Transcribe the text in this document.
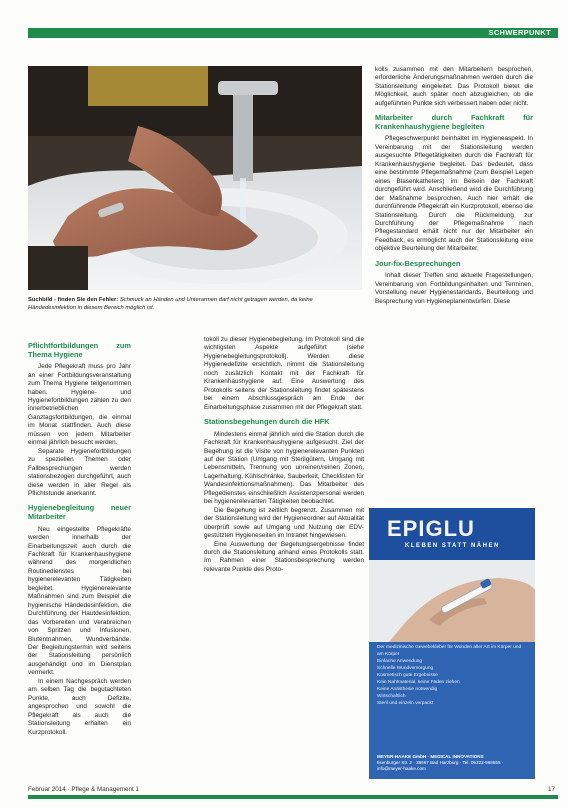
SCHWERPUNKT
Suchbild - finden Sie den Fehler: Schmuck an Händen und Unterarmen darf nicht getragen werden, da keine Händedesinfektion in diesem Bereich möglich ist.
Pflichtfortbildungen zum Thema Hygiene

Jede Pflegekraft muss pro Jahr an einer Fortbildungsveranstaltung zum Thema Hygiene teilgenommen haben. Hygiene- und Hygienefortbildungen zählen zu den innerbetrieblichen Ganztagsfortbildungen, die einmal im Monat stattfinden. Auch diese müssen von jedem Mitarbeiter einmal jährlich besucht werden.

Separate Hygienefortbildungen zu speziellen Themen oder Fallbesprechungen werden stationsbezogen durchgeführt, auch diese werden in aller Regel als Pflichtstunde anerkannt.

Hygienebegleitung neuer Mitarbeiter

Neu eingestellte Pflegekräfte werden innerhalb der Einarbeitungszeit auch durch die Fachkraft für Krankenhaushygiene während des morgendlichen Routinedienstes bei hygienerelevanten Tätigkeiten begleitet. Hygienerelevante Maßnahmen sind zum Beispiel die hygienische Händedesinfektion, die Durchführung der Hautdesinfektion, das Vorbereiten und Verabreichen von Spritzen und Infusionen, Blutentnahmen, Wundverbände. Der Begleitungstermin wird seitens der Stationsleitung persönlich ausgehändigt und im Dienstplan vermerkt.

In einem Nachgespräch werden am selben Tag die begutachteten Punkte, auch Defizite, angesprochen und sowohl die Pflegekraft als auch die Stationsleitung erhalten ein Kurzprotokoll.

tokoll zu dieser Hygienebegleitung. Im Protokoll sind die wichtigsten Aspekte aufgeführt (siehe Hygienebegleitungsprotokoll). Werden diese Hygienedefizite ersichtlich, nimmt die Stationsleitung noch zusätzlich Kontakt mit der Fachkraft für Krankenhaushygiene auf. Eine Auswertung des Protokolls seitens der Stationsleitung findet spätestens bei einem Abschlussgespräch am Ende der Einarbeitungsphase zusammen mit der Pflegekraft statt.

Stationsbegehungen durch die HFK

Mindestens einmal jährlich wird die Station durch die Fachkraft für Krankenhaushygiene aufgesucht. Ziel der Begehung ist die Visite von hygienerelevanten Punkten auf der Station (Umgang mit Sterilgütern, Umgang mit Lebensmitteln, Trennung von unreinen/reinen Zonen, Lagerhaltung, Kühlschränke, Sauberkeit, Checklisten für Wandesinfektionsmaßnahmen). Das Mitarbeiter des Pflegedienstes einschließlich Assistenzpersonal werden bei hygienerelevanten Tätigkeiten beobachtet.

Die Begehung ist zeitlich begrenzt. Zusammen mit der Stationsleitung wird der Hygieneordner auf Aktualität überprüft sowie auf Umgang und Nutzung der EDV-gestützten Hygieneseiten im Intranet hingewiesen.

Eine Auswertung der Begehungsergebnisse findet durch die Stationsleitung anhand eines Protokolls statt. Im Rahmen einer Stationsbesprechung werden relevante Punkte des Proto-

kolls zusammen mit den Mitarbeitern besprochen, erforderliche Änderungsmaßnahmen werden durch die Stationsleitung eingeleitet. Das Protokoll bietet die Möglichkeit, auch später noch abzugleichen, ob die aufgeführten Punkte sich verbessert haben oder nicht.

Mitarbeiter durch Fachkraft für Krankenhaushygiene begleiten

Pflegeschwerpunkt beinhaltet im Hygieneaspekt. In Vereinbarung mit der Stationsleitung werden ausgesuchte Pflegetätigkeiten durch die Fachkraft für Krankenhaushygiene begleitet. Das bedeutet, dass eine bestimmte Pflegemaßnahme (zum Beispiel Legen eines Blasenkatheters) im Beisein der Fachkraft durchgeführt wird. Anschließend wird die Durchführung der Maßnahme besprochen. Auch hier erhält die durchführende Pflegekraft ein Kurzprotokoll, ebenso die Stationsleitung. Durch die Rückmeldung zur Durchführung der Pflegemaßnahme nach Pflegestandard erhält nicht nur der Mitarbeiter ein Feedback, es ermöglicht auch der Stationsleitung eine objektive Beurteilung der Mitarbeiter.

Jour-fix-Besprechungen

Inhalt dieser Treffen sind aktuelle Fragestellungen, Vereinbarung von Fortbildungsinhalten und Terminen, Vorstellung neuer Hygienestandards, Beurteilung und Besprechung von Hygieneplanentwürfen. Diese

EPIGLU
KLEBEN STATT NÄHEN
Der medizinische Gewebekleber für Wunden aller Art im Körper und am Körper
Einfache Anwendung
Schnelle Wundversorgung
Kosmetisch gute Ergebnisse
Kein Nahtmaterial, keine Fäden ziehen
Keine Anästhesie notwendig
Wirtschaftlich
Steril und einzeln verpackt
MEYER-HAAKE GmbH · MEDICAL INNOVATIONS
Ilsenburger Str. 2 · 38667 Bad Harzburg · Tel. 05322-968555 · info@meyer-haake.com
Februar 2014 · Pflege & Management 1	17
